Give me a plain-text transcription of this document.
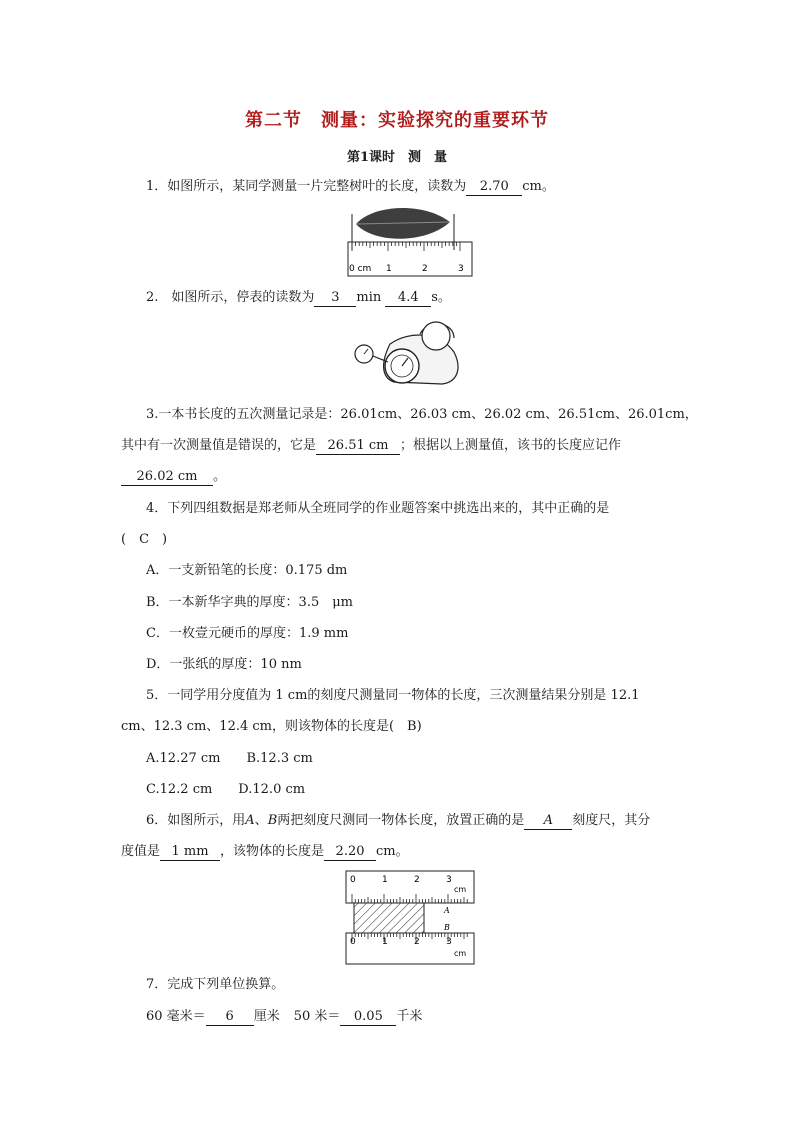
第二节　测量：实验探究的重要环节
第1课时　测　量
1．如图所示，某同学测量一片完整树叶的长度，读数为 2.70 cm。
0 cm 1	2	3
2.　如图所示，停表的读数为 3 min 4.4 s。
3.一本书长度的五次测量记录是：26.01cm、26.03 cm、26.02 cm、26.51cm、26.01cm，
其中有一次测量值是错误的，它是 26.51 cm ；根据以上测量值，该书的长度应记作
26.02 cm 。
4．下列四组数据是郑老师从全班同学的作业题答案中挑选出来的，其中正确的是
(　C　)
A．一支新铅笔的长度：0.175 dm
B．一本新华字典的厚度：3.5　μm
C．一枚壹元硬币的厚度：1.9 mm
D．一张纸的厚度：10 nm
5．一同学用分度值为 1 cm的刻度尺测量同一物体的长度，三次测量结果分别是 12.1
cm、12.3 cm、12.4 cm，则该物体的长度是(　B)
A.12.27 cm　　B.12.3 cm
C.12.2 cm　　D.12.0 cm
6．如图所示，用A、B两把刻度尺测同一物体长度，放置正确的是 A 刻度尺，其分
度值是 1 mm ，该物体的长度是 2.20 cm。
0	1	2	3
cm
A
B
0	1	2	3
cm
7．完成下列单位换算。
60 毫米＝ 6 厘米 50 米＝ 0.05 千米
